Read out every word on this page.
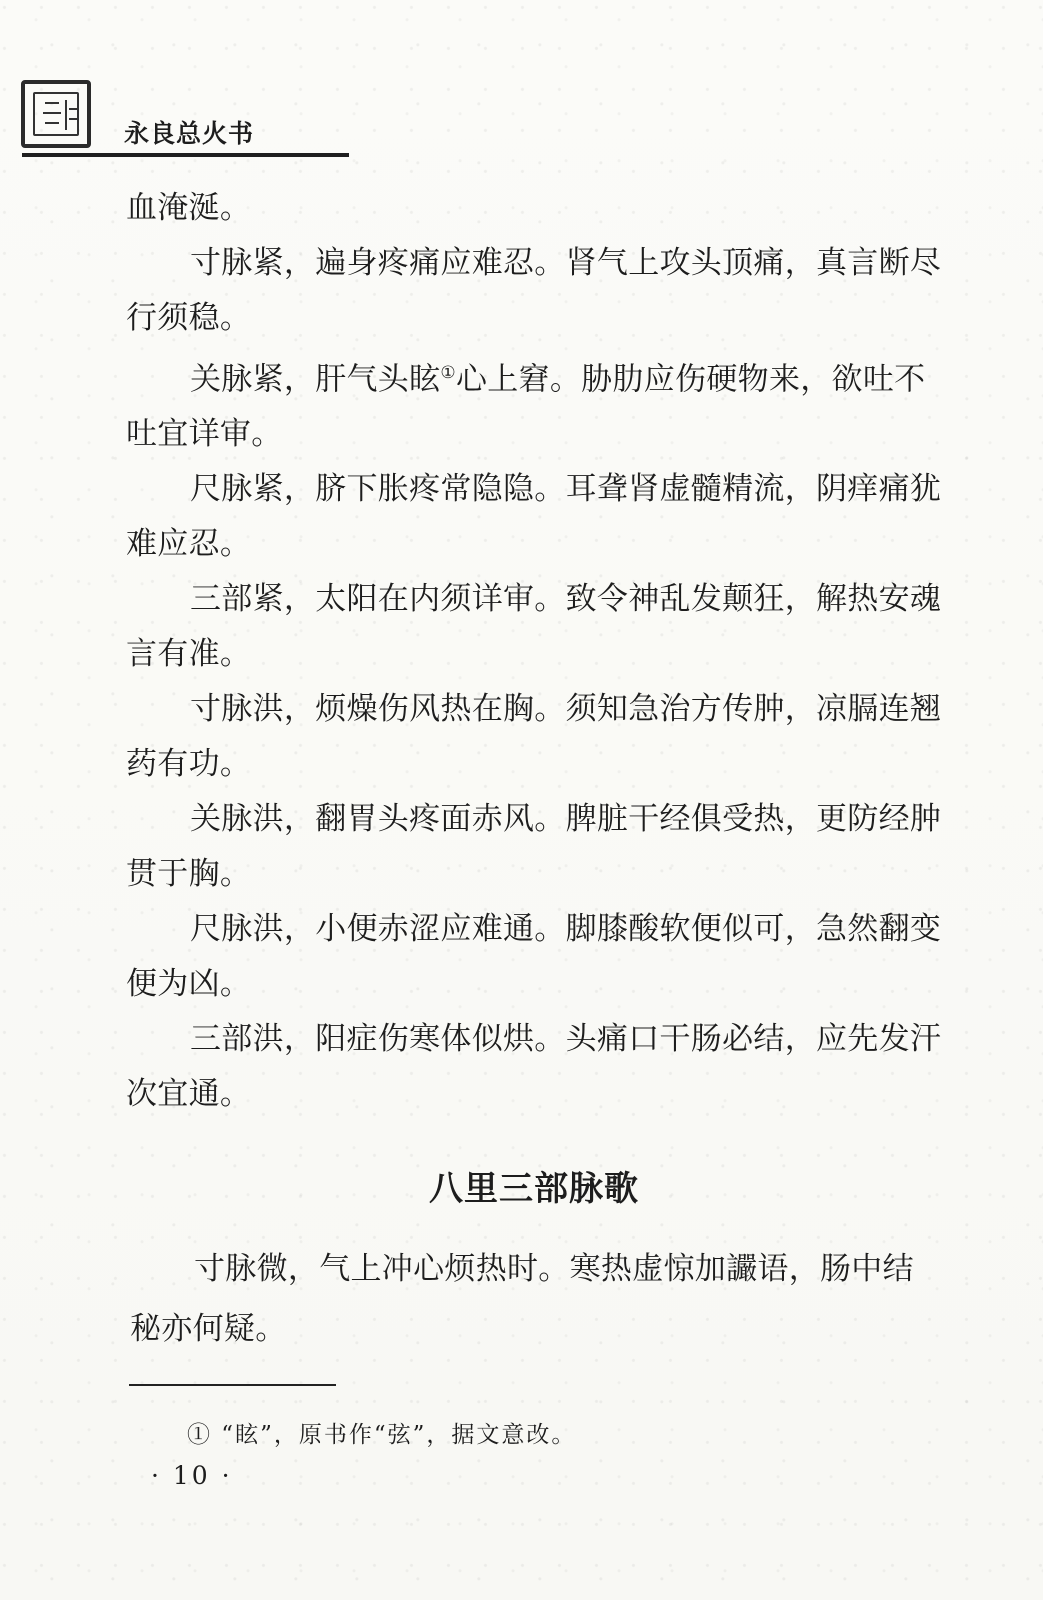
永良总火书

血淹涎。

寸脉紧，遍身疼痛应难忍。肾气上攻头顶痛，真言断尽行须稳。

关脉紧，肝气头眩①心上窘。胁肋应伤硬物来，欲吐不吐宜详审。

尺脉紧，脐下胀疼常隐隐。耳聋肾虚髓精流，阴痒痛犹难应忍。

三部紧，太阳在内须详审。致令神乱发颠狂，解热安魂言有准。

寸脉洪，烦燥伤风热在胸。须知急治方传肿，凉膈连翘药有功。

关脉洪，翻胃头疼面赤风。脾脏干经俱受热，更防经肿贯于胸。

尺脉洪，小便赤涩应难通。脚膝酸软便似可，急然翻变便为凶。

三部洪，阳症伤寒体似烘。头痛口干肠必结，应先发汗次宜通。

八里三部脉歌

寸脉微，气上冲心烦热时。寒热虚惊加讝语，肠中结秘亦何疑。

① “眩”，原书作“弦”，据文意改。
· 10 ·
